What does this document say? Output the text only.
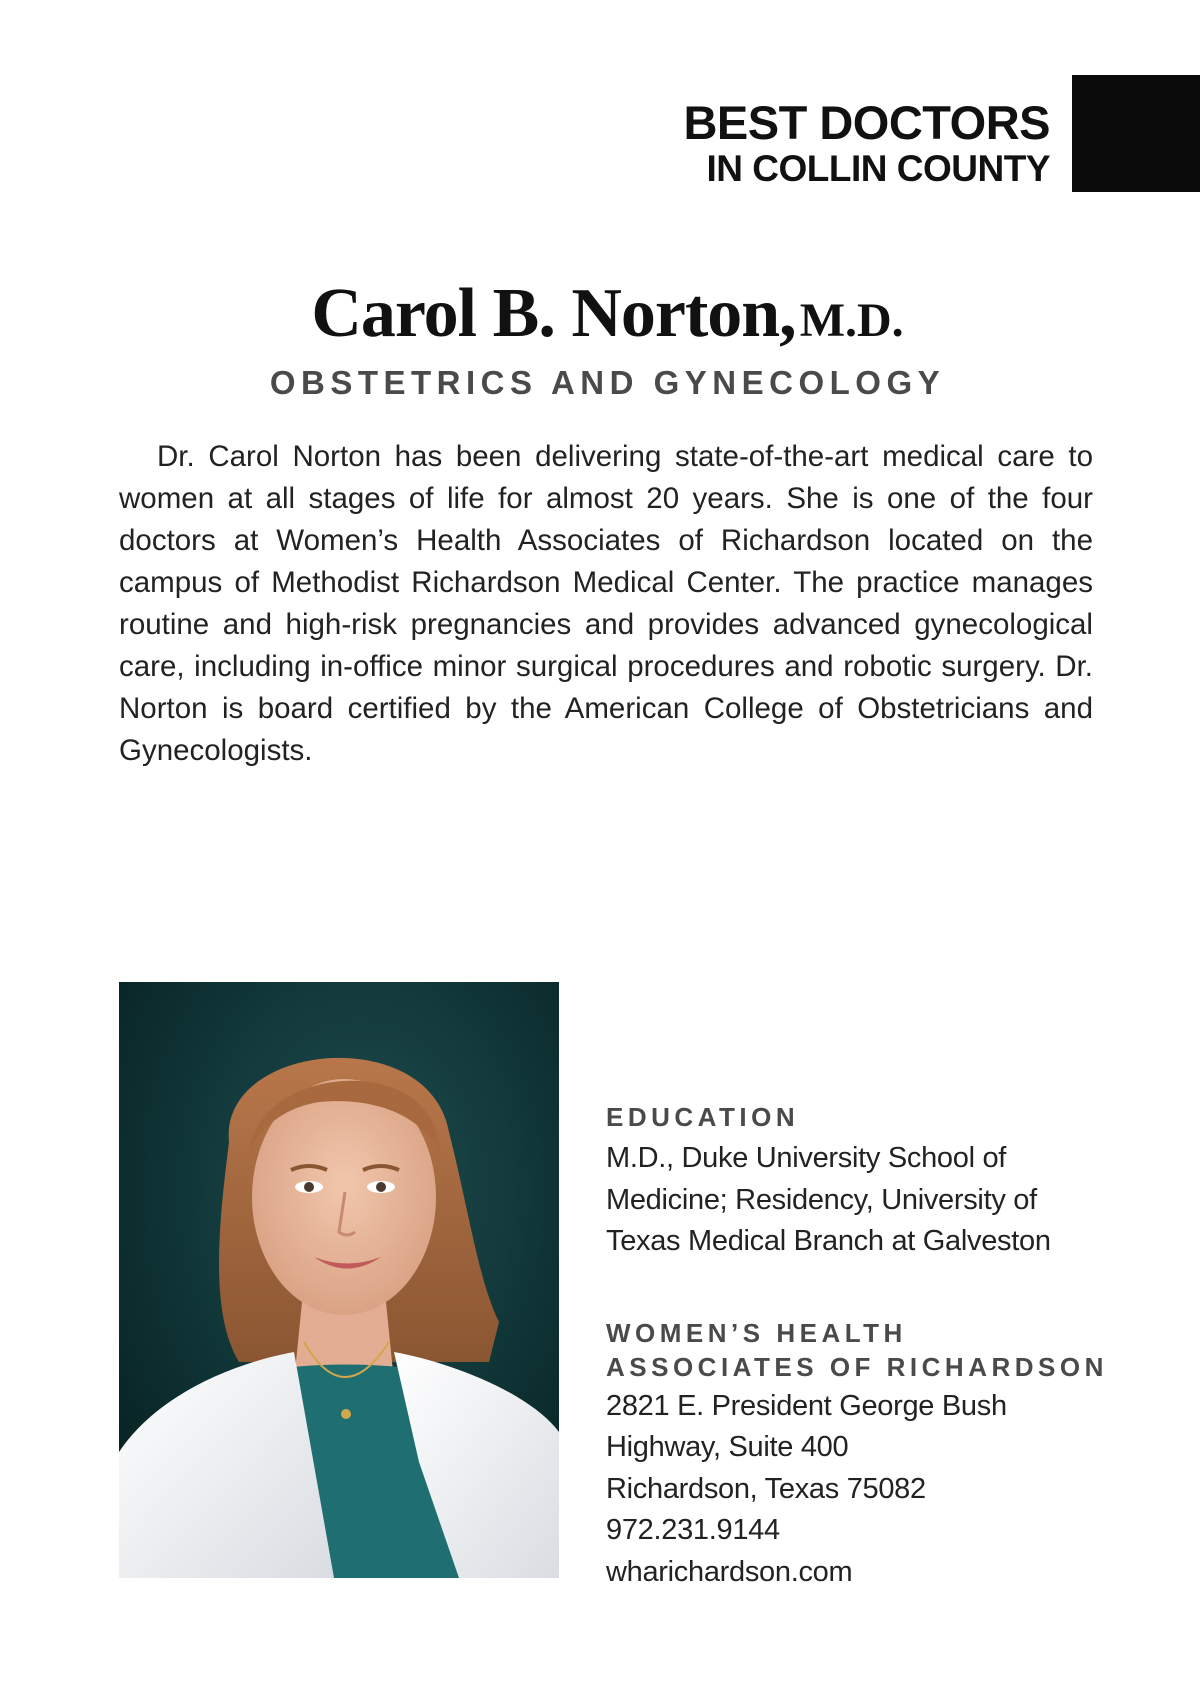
BEST DOCTORS
IN COLLIN COUNTY
Carol B. Norton, M.D.
OBSTETRICS AND GYNECOLOGY

Dr. Carol Norton has been delivering state-of-the-art medical care to women at all stages of life for almost 20 years. She is one of the four doctors at Women’s Health Associates of Richardson located on the campus of Methodist Richardson Medical Center. The practice manages routine and high-risk pregnancies and provides advanced gynecological care, including in-office minor surgical procedures and robotic surgery. Dr. Norton is board certified by the American College of Obstetricians and Gynecologists.

EDUCATION
M.D., Duke University School of
Medicine; Residency, University of
Texas Medical Branch at Galveston
WOMEN’S HEALTH
ASSOCIATES OF RICHARDSON
2821 E. President George Bush
Highway, Suite 400
Richardson, Texas 75082
972.231.9144
wharichardson.com
